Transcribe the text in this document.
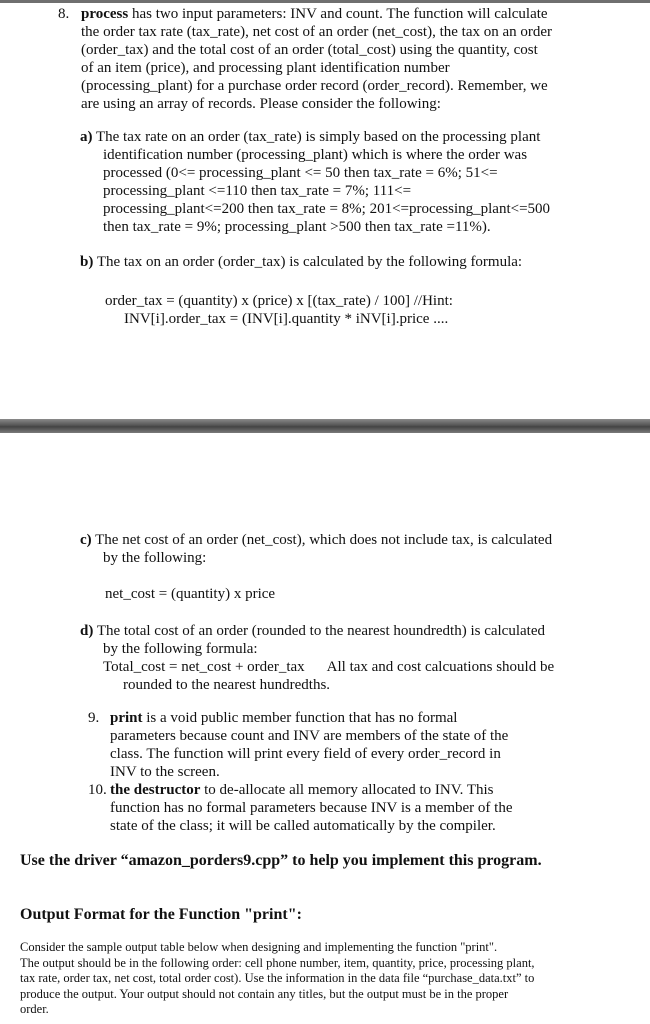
8. process has two input parameters: INV and count. The function will calculate
the order tax rate (tax_rate), net cost of an order (net_cost), the tax on an order
(order_tax) and the total cost of an order (total_cost) using the quantity, cost
of an item (price), and processing plant identification number
(processing_plant) for a purchase order record (order_record). Remember, we
are using an array of records. Please consider the following:
a) The tax rate on an order (tax_rate) is simply based on the processing plant
identification number (processing_plant) which is where the order was
processed (0<= processing_plant <= 50 then tax_rate = 6%; 51<=
processing_plant <=110 then tax_rate = 7%; 111<=
processing_plant<=200 then tax_rate = 8%; 201<=processing_plant<=500
then tax_rate = 9%; processing_plant >500 then tax_rate =11%).
b) The tax on an order (order_tax) is calculated by the following formula:
order_tax = (quantity) x (price) x [(tax_rate) / 100] //Hint:
INV[i].order_tax = (INV[i].quantity * iNV[i].price ....
c) The net cost of an order (net_cost), which does not include tax, is calculated
by the following:
net_cost = (quantity) x price
d) The total cost of an order (rounded to the nearest houndredth) is calculated
by the following formula:
Total_cost = net_cost + order_tax All tax and cost calcuations should be
rounded to the nearest hundredths.
9. print is a void public member function that has no formal
parameters because count and INV are members of the state of the
class. The function will print every field of every order_record in
INV to the screen.
10. the destructor to de-allocate all memory allocated to INV. This
function has no formal parameters because INV is a member of the
state of the class; it will be called automatically by the compiler.
Use the driver “amazon_porders9.cpp” to help you implement this program.
Output Format for the Function "print":
Consider the sample output table below when designing and implementing the function "print".
The output should be in the following order: cell phone number, item, quantity, price, processing plant,
tax rate, order tax, net cost, total order cost). Use the information in the data file “purchase_data.txt” to
produce the output. Your output should not contain any titles, but the output must be in the proper
order.
